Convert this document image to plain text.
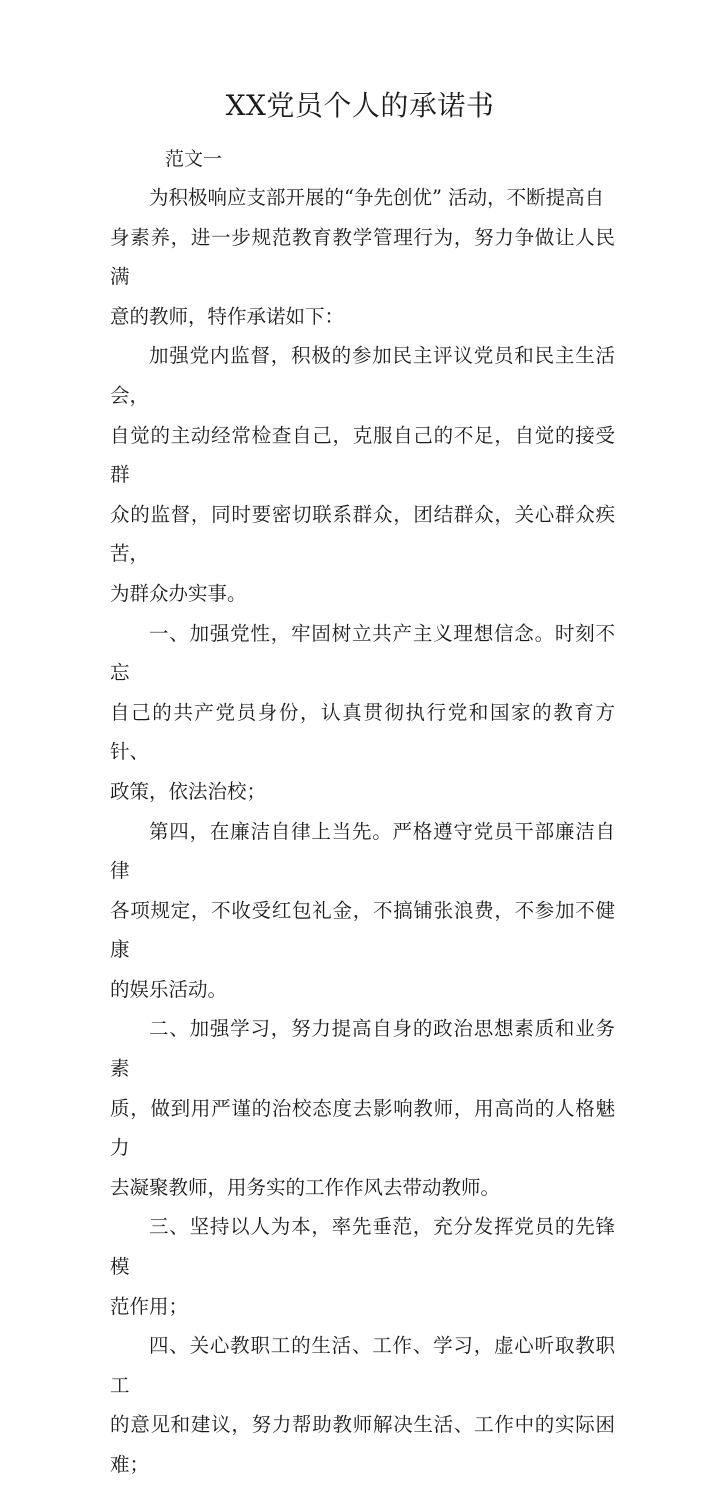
XX党员个人的承诺书

范文一

为积极响应支部开展的“争先创优” 活动，不断提高自
身素养，进一步规范教育教学管理行为，努力争做让人民满
意的教师，特作承诺如下：

加强党内监督，积极的参加民主评议党员和民主生活会，
自觉的主动经常检查自己，克服自己的不足，自觉的接受群
众的监督，同时要密切联系群众，团结群众，关心群众疾苦，
为群众办实事。

一、加强党性，牢固树立共产主义理想信念。时刻不忘
自己的共产党员身份，认真贯彻执行党和国家的教育方针、
政策，依法治校；

第四，在廉洁自律上当先。严格遵守党员干部廉洁自律
各项规定，不收受红包礼金，不搞铺张浪费，不参加不健康
的娱乐活动。

二、加强学习，努力提高自身的政治思想素质和业务素
质，做到用严谨的治校态度去影响教师，用高尚的人格魅力
去凝聚教师，用务实的工作作风去带动教师。

三、坚持以人为本，率先垂范，充分发挥党员的先锋模
范作用；

四、关心教职工的生活、工作、学习，虚心听取教职工
的意见和建议，努力帮助教师解决生活、工作中的实际困难；
